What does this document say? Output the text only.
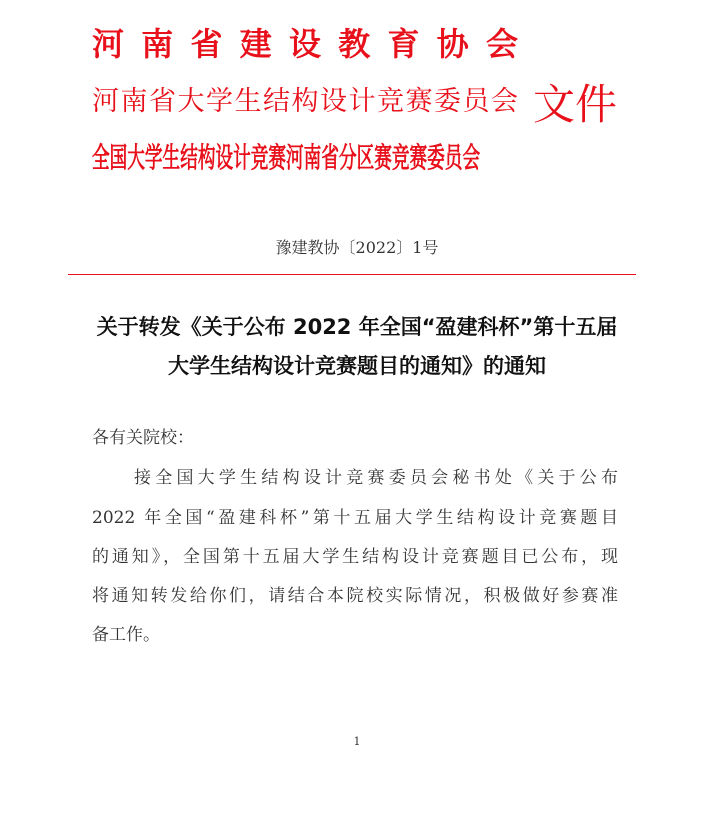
河南省建设教育协会
河南省大学生结构设计竞赛委员会
全国大学生结构设计竞赛河南省分区赛竞赛委员会
文件
豫建教协〔2022〕1号
关于转发《关于公布 2022 年全国“盈建科杯”第十五届
大学生结构设计竞赛题目的通知》的通知
各有关院校：
接全国大学生结构设计竞赛委员会秘书处《关于公布
2022 年全国“盈建科杯”第十五届大学生结构设计竞赛题目
的通知》，全国第十五届大学生结构设计竞赛题目已公布，现
将通知转发给你们，请结合本院校实际情况，积极做好参赛准
备工作。
1
